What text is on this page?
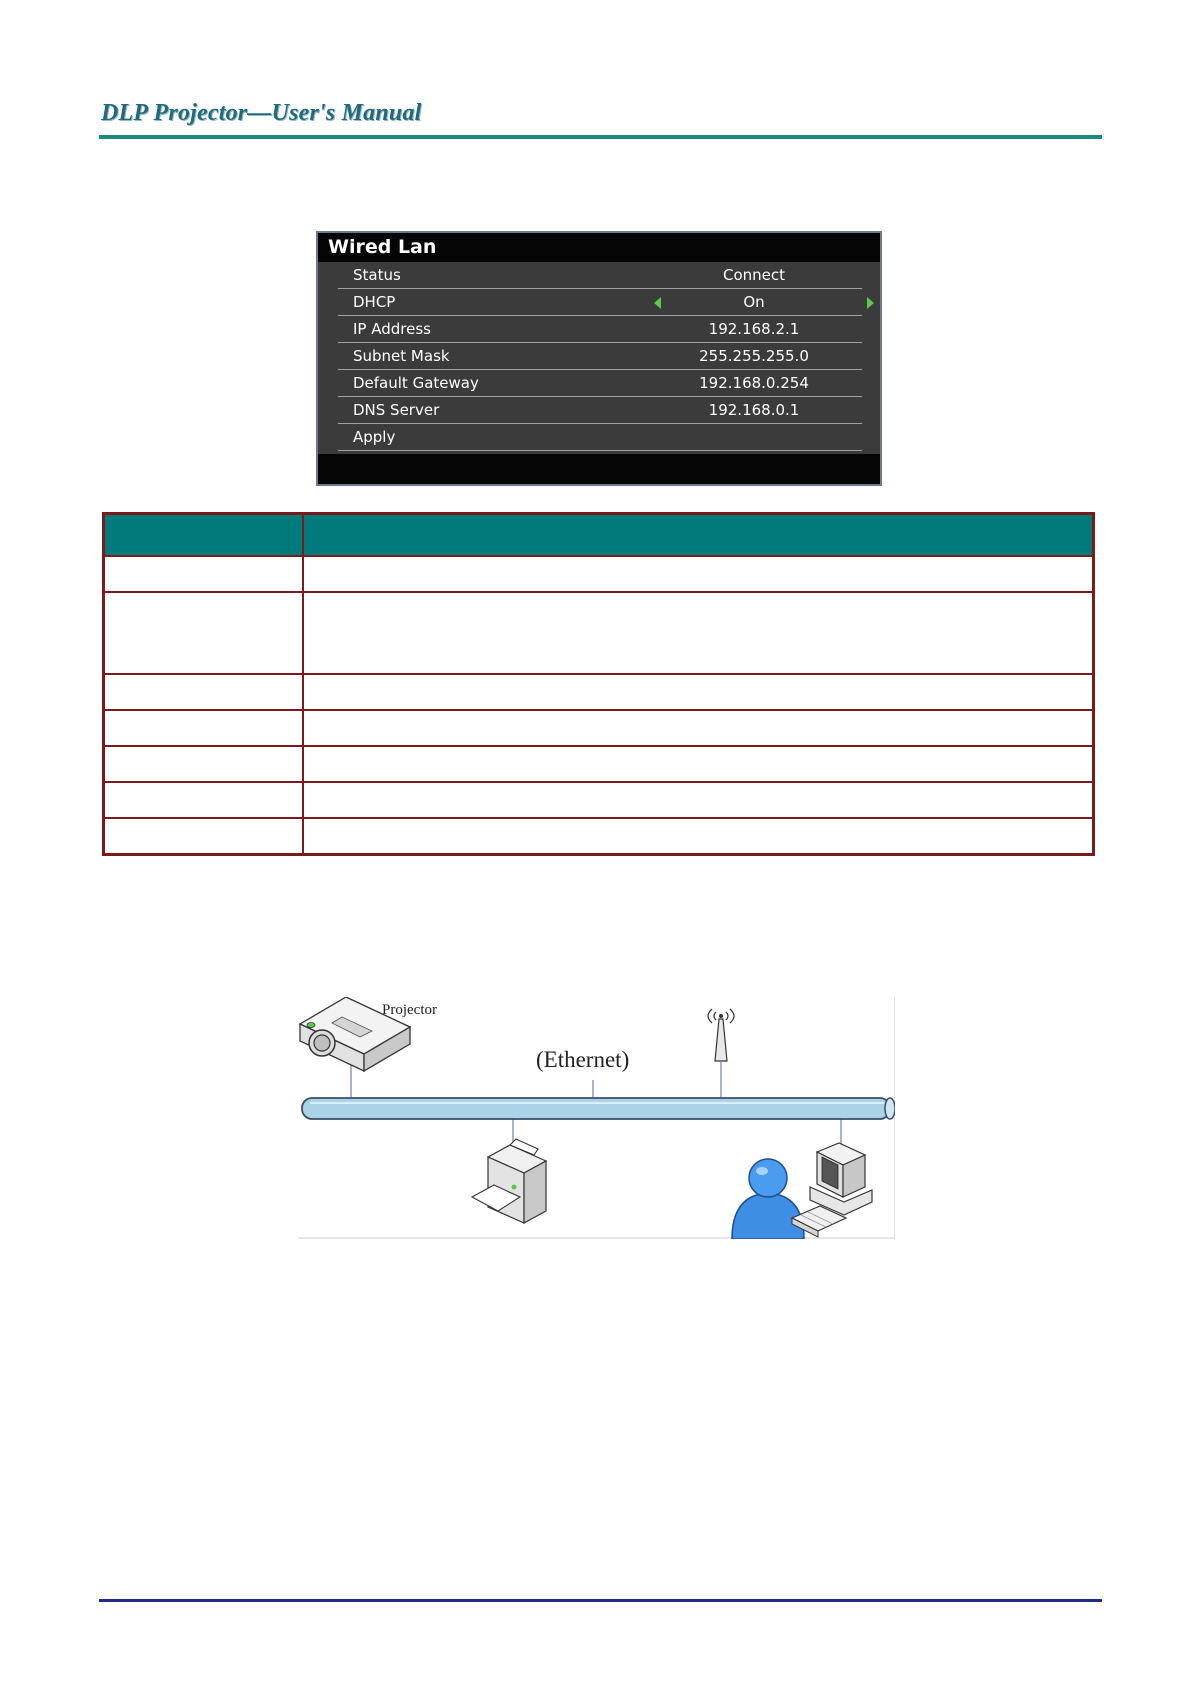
DLP Projector—User's Manual
Wired Lan
Status	Connect
DHCP	On
IP Address	192.168.2.1
Subnet Mask	255.255.255.0
Default Gateway	192.168.0.254
DNS Server	192.168.0.1
Apply

Projector
(Ethernet)
